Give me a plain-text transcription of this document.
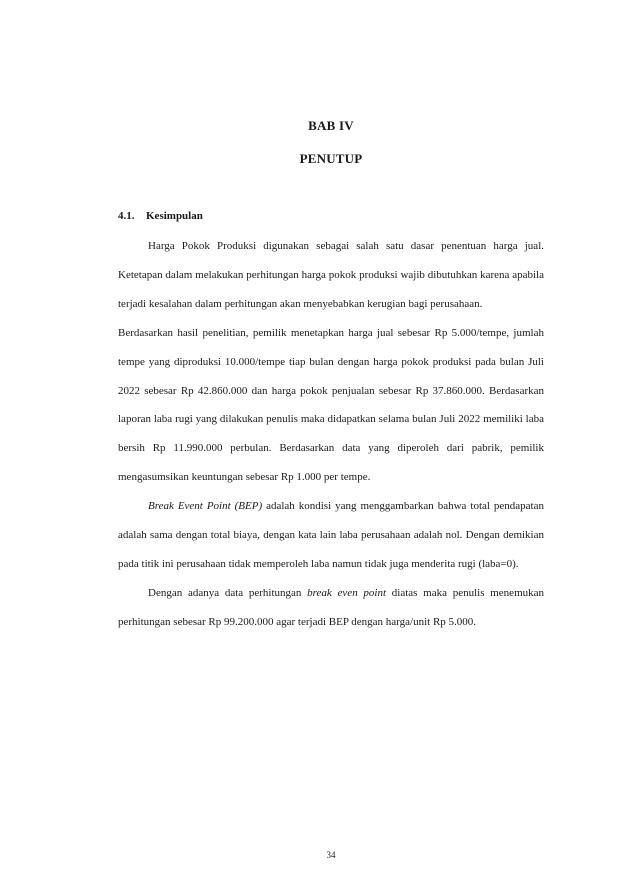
BAB IV
PENUTUP
4.1. Kesimpulan

Harga Pokok Produksi digunakan sebagai salah satu dasar penentuan harga jual. Ketetapan dalam melakukan perhitungan harga pokok produksi wajib dibutuhkan karena apabila terjadi kesalahan dalam perhitungan akan menyebabkan kerugian bagi perusahaan.

Berdasarkan hasil penelitian, pemilik menetapkan harga jual sebesar Rp 5.000/tempe, jumlah tempe yang diproduksi 10.000/tempe tiap bulan dengan harga pokok produksi pada bulan Juli 2022 sebesar Rp 42.860.000 dan harga pokok penjualan sebesar Rp 37.860.000. Berdasarkan laporan laba rugi yang dilakukan penulis maka didapatkan selama bulan Juli 2022 memiliki laba bersih Rp 11.990.000 perbulan. Berdasarkan data yang diperoleh dari pabrik, pemilik mengasumsikan keuntungan sebesar Rp 1.000 per tempe.

Break Event Point (BEP) adalah kondisi yang menggambarkan bahwa total pendapatan adalah sama dengan total biaya, dengan kata lain laba perusahaan adalah nol. Dengan demikian pada titik ini perusahaan tidak memperoleh laba namun tidak juga menderita rugi (laba=0).

Dengan adanya data perhitungan break even point diatas maka penulis menemukan perhitungan sebesar Rp 99.200.000 agar terjadi BEP dengan harga/unit Rp 5.000.

34
